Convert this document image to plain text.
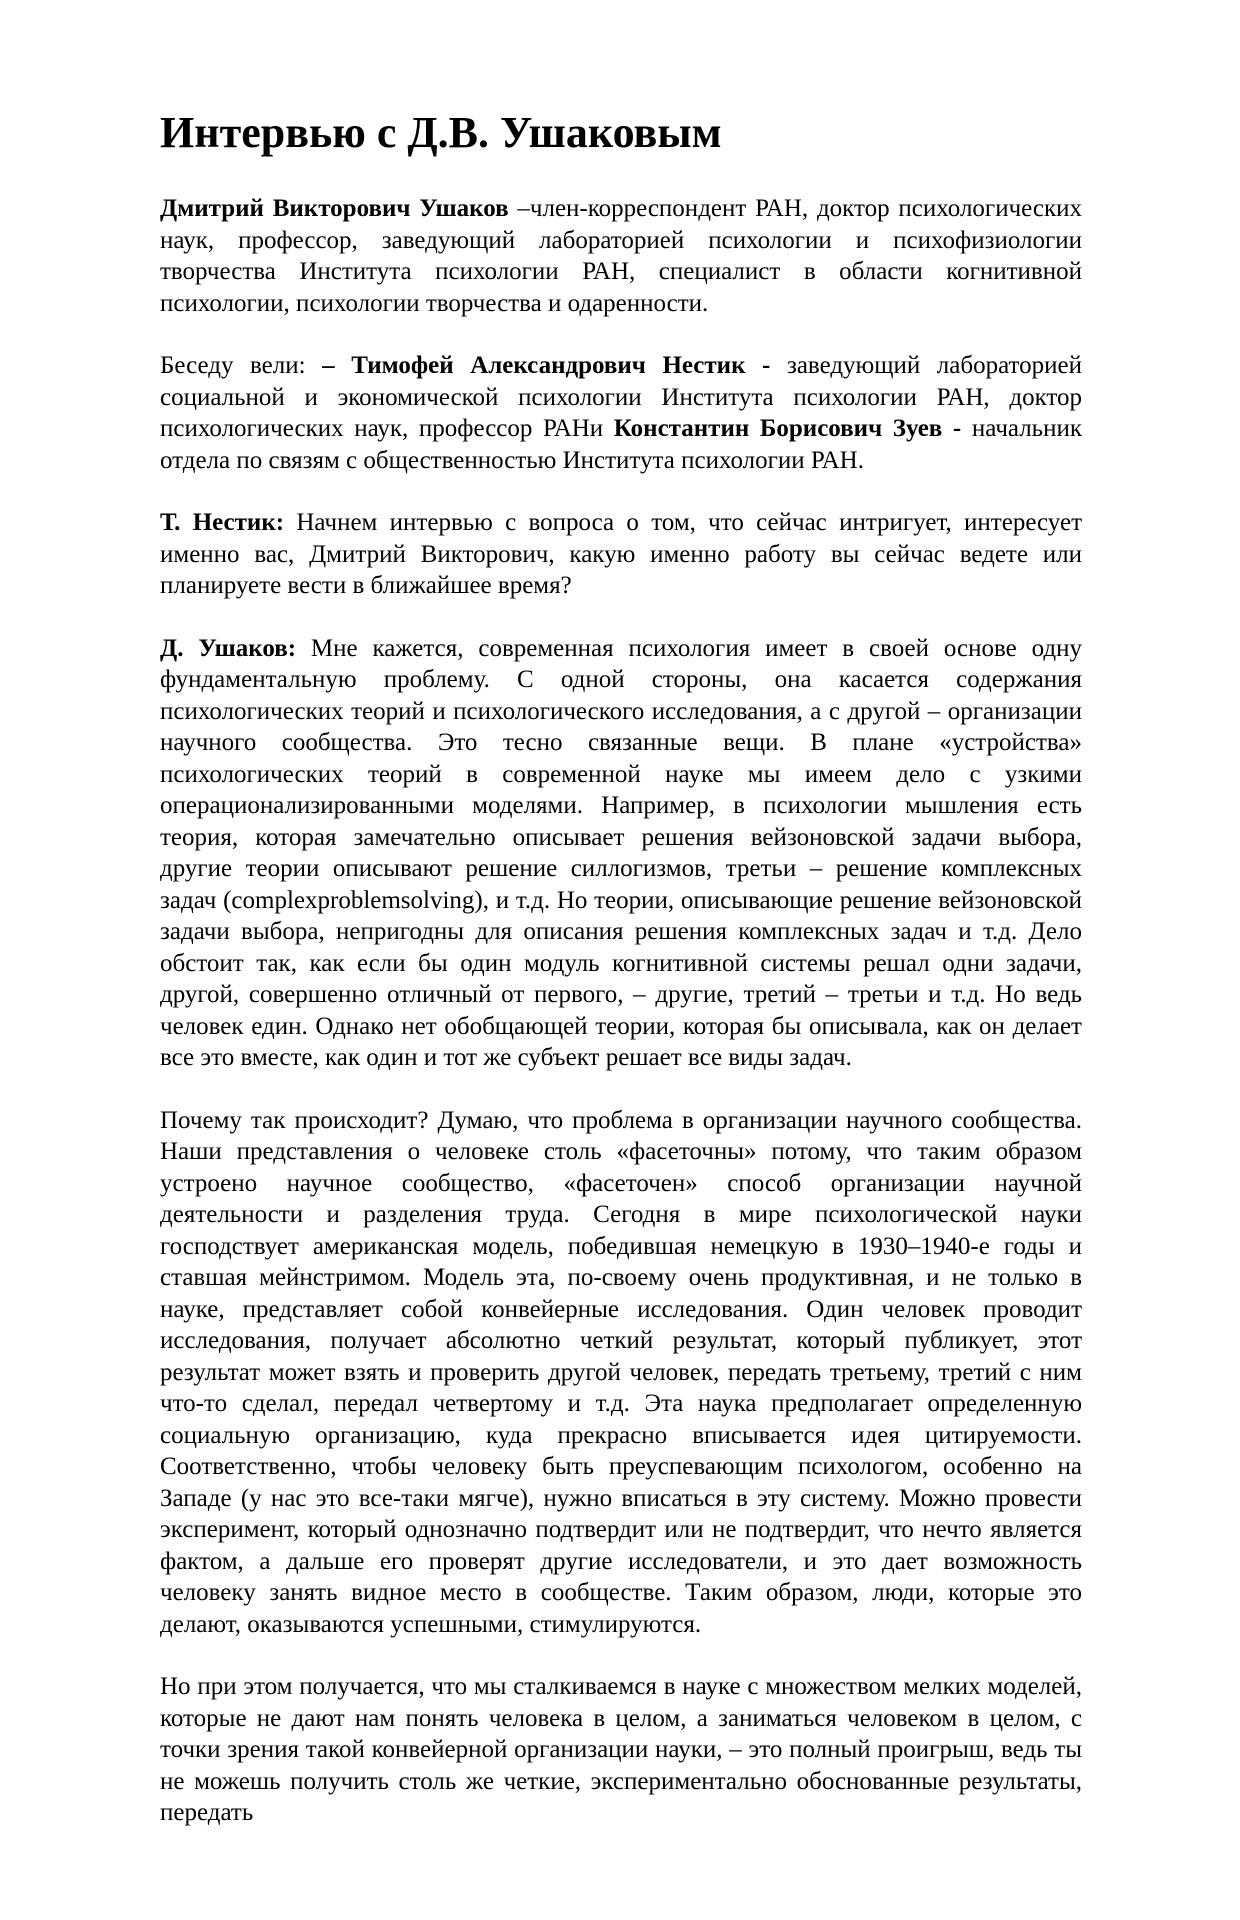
Интервью с Д.В. Ушаковым

Дмитрий Викторович Ушаков –член-корреспондент РАН, доктор психологических наук, профессор, заведующий лабораторией психологии и психофизиологии творчества Института психологии РАН, специалист в области когнитивной психологии, психологии творчества и одаренности.

Беседу вели: – Тимофей Александрович Нестик - заведующий лабораторией социальной и экономической психологии Института психологии РАН, доктор психологических наук, профессор РАНи Константин Борисович Зуев - начальник отдела по связям с общественностью Института психологии РАН.

Т. Нестик: Начнем интервью с вопроса о том, что сейчас интригует, интересует именно вас, Дмитрий Викторович, какую именно работу вы сейчас ведете или планируете вести в ближайшее время?

Д. Ушаков: Мне кажется, современная психология имеет в своей основе одну фундаментальную проблему. С одной стороны, она касается содержания психологических теорий и психологического исследования, а с другой – организации научного сообщества. Это тесно связанные вещи. В плане «устройства» психологических теорий в современной науке мы имеем дело с узкими операционализированными моделями. Например, в психологии мышления есть теория, которая замечательно описывает решения вейзоновской задачи выбора, другие теории описывают решение силлогизмов, третьи – решение комплексных задач (complexproblemsolving), и т.д. Но теории, описывающие решение вейзоновской задачи выбора, непригодны для описания решения комплексных задач и т.д. Дело обстоит так, как если бы один модуль когнитивной системы решал одни задачи, другой, совершенно отличный от первого, – другие, третий – третьи и т.д. Но ведь человек един. Однако нет обобщающей теории, которая бы описывала, как он делает все это вместе, как один и тот же субъект решает все виды задач.

Почему так происходит? Думаю, что проблема в организации научного сообщества. Наши представления о человеке столь «фасеточны» потому, что таким образом устроено научное сообщество, «фасеточен» способ организации научной деятельности и разделения труда. Сегодня в мире психологической науки господствует американская модель, победившая немецкую в 1930–1940-е годы и ставшая мейнстримом. Модель эта, по-своему очень продуктивная, и не только в науке, представляет собой конвейерные исследования. Один человек проводит исследования, получает абсолютно четкий результат, который публикует, этот результат может взять и проверить другой человек, передать третьему, третий с ним что-то сделал, передал четвертому и т.д. Эта наука предполагает определенную социальную организацию, куда прекрасно вписывается идея цитируемости. Соответственно, чтобы человеку быть преуспевающим психологом, особенно на Западе (у нас это все-таки мягче), нужно вписаться в эту систему. Можно провести эксперимент, который однозначно подтвердит или не подтвердит, что нечто является фактом, а дальше его проверят другие исследователи, и это дает возможность человеку занять видное место в сообществе. Таким образом, люди, которые это делают, оказываются успешными, стимулируются.

Но при этом получается, что мы сталкиваемся в науке с множеством мелких моделей, которые не дают нам понять человека в целом, а заниматься человеком в целом, с точки зрения такой конвейерной организации науки, – это полный проигрыш, ведь ты не можешь получить столь же четкие, экспериментально обоснованные результаты, передать
